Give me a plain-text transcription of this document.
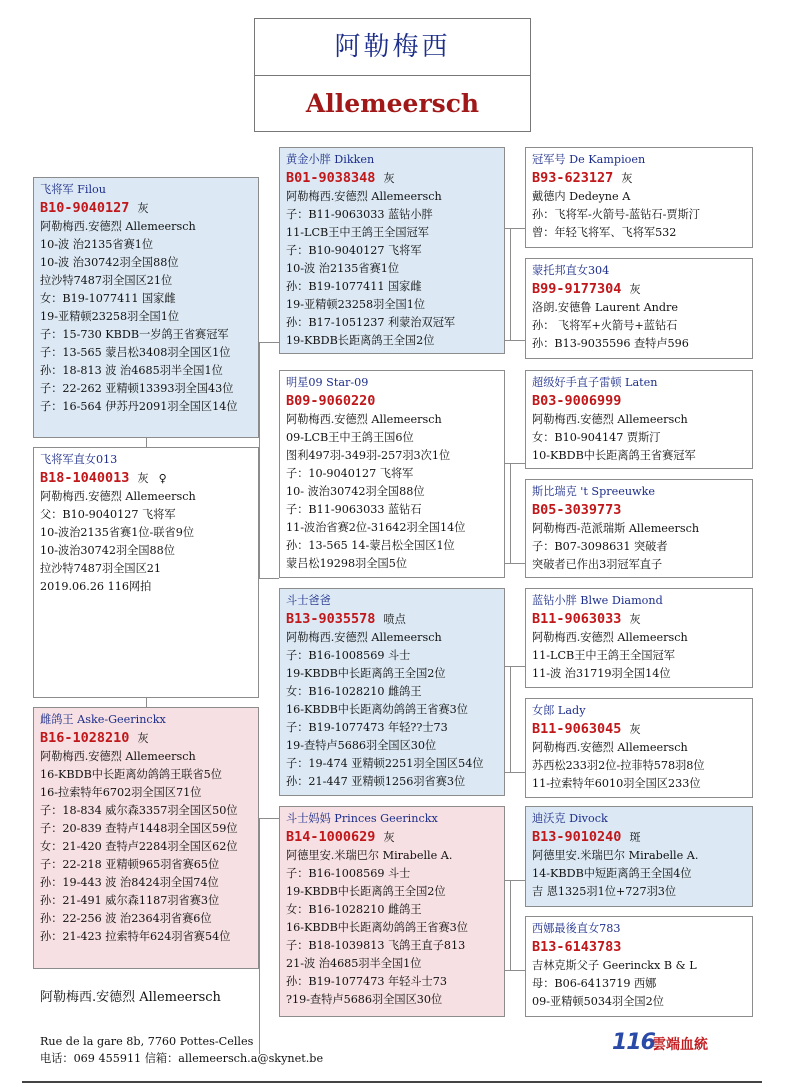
阿勒梅西
Allemeersch
飞将军 Filou
B10-9040127 灰
阿勒梅西.安德烈 Allemeersch
10-波 治2135省赛1位
10-波 治30742羽全国88位
拉沙特7487羽全国区21位
女：B19-1077411 国家雌
19-亚精顿23258羽全国1位
子：15-730 KBDB一岁鸽王省赛冠军
子：13-565 蒙吕松3408羽全国区1位
孙：18-813 波 治4685羽半全国1位
子：22-262 亚精顿13393羽全国43位
子：16-564 伊苏丹2091羽全国区14位
飞将军直女013
B18-1040013 灰 ♀
阿勒梅西.安德烈 Allemeersch
父：B10-9040127 飞将军
10-波治2135省赛1位-联省9位
10-波治30742羽全国88位
拉沙特7487羽全国区21
2019.06.26 116网拍
雌鸽王 Aske-Geerinckx
B16-1028210 灰
阿勒梅西.安德烈 Allemeersch
16-KBDB中长距离幼鸽鸽王联省5位
16-拉索特年6702羽全国区71位
子：18-834 威尔森3357羽全国区50位
子：20-839 查特卢1448羽全国区59位
女：21-420 查特卢2284羽全国区62位
子：22-218 亚精顿965羽省赛65位
孙：19-443 波 治8424羽全国74位
孙：21-491 威尔森1187羽省赛3位
孙：22-256 波 治2364羽省赛6位
孙：21-423 拉索特年624羽省赛54位
黄金小胖 Dikken
B01-9038348 灰
阿勒梅西.安德烈 Allemeersch
子：B11-9063033 蓝钻小胖
11-LCB王中王鸽王全国冠军
子：B10-9040127 飞将军
10-波 治2135省赛1位
孙：B19-1077411 国家雌
19-亚精顿23258羽全国1位
孙：B17-1051237 利蒙治双冠军
19-KBDB长距离鸽王全国2位
明星09 Star-09
B09-9060220
阿勒梅西.安德烈 Allemeersch
09-LCB王中王鸽王国6位
图利497羽-349羽-257羽3次1位
子：10-9040127 飞将军
10- 波治30742羽全国88位
子：B11-9063033 蓝钻石
11-波治省赛2位-31642羽全国14位
孙：13-565 14-蒙吕松全国区1位
蒙吕松19298羽全国5位
斗士爸爸
B13-9035578 喷点
阿勒梅西.安德烈 Allemeersch
子：B16-1008569 斗士
19-KBDB中长距离鸽王全国2位
女：B16-1028210 雌鸽王
16-KBDB中长距离幼鸽鸽王省赛3位
子：B19-1077473 年轻??士73
19-查特卢5686羽全国区30位
子：19-474 亚精顿2251羽全国区54位
孙：21-447 亚精顿1256羽省赛3位
斗士妈妈 Princes Geerinckx
B14-1000629 灰
阿德里安.米瑞巴尔 Mirabelle A.
子：B16-1008569 斗士
19-KBDB中长距离鸽王全国2位
女：B16-1028210 雌鸽王
16-KBDB中长距离幼鸽鸽王省赛3位
子：B18-1039813 飞鸽王直子813
21-波 治4685羽半全国1位
孙：B19-1077473 年轻斗士73
?19-查特卢5686羽全国区30位
冠军号 De Kampioen
B93-623127 灰
戴德内 Dedeyne A
孙：飞将军-火箭号-蓝钻石-贾斯汀
曾：年轻飞将军、飞将军532
蒙托邦直女304
B99-9177304 灰
洛朗.安德鲁 Laurent Andre
孙： 飞将军+火箭号+蓝钻石
孙：B13-9035596 查特卢596
超级好手直子雷顿 Laten
B03-9006999
阿勒梅西.安德烈 Allemeersch
女：B10-904147 贾斯汀
10-KBDB中长距离鸽王省赛冠军
斯比瑞克 't Spreeuwke
B05-3039773
阿勒梅西-范派瑞斯 Allemeersch
子：B07-3098631 突破者
突破者已作出3羽冠军直子
蓝钻小胖 Blwe Diamond
B11-9063033 灰
阿勒梅西.安德烈 Allemeersch
11-LCB王中王鸽王全国冠军
11-波 治31719羽全国14位
女郎 Lady
B11-9063045 灰
阿勒梅西.安德烈 Allemeersch
苏西松233羽2位-拉菲特578羽8位
11-拉索特年6010羽全国区233位
迪沃克 Divock
B13-9010240 斑
阿德里安.米瑞巴尔 Mirabelle A.
14-KBDB中短距离鸽王全国4位
吉 恩1325羽1位+727羽3位
西娜最後直女783
B13-6143783
吉林克斯父子 Geerinckx B & L
母：B06-6413719 西娜
09-亚精顿5034羽全国2位
阿勒梅西.安德烈 Allemeersch
Rue de la gare 8b, 7760 Pottes-Celles
电话：069 455911 信箱：allemeersch.a@skynet.be
116
雲端血統
